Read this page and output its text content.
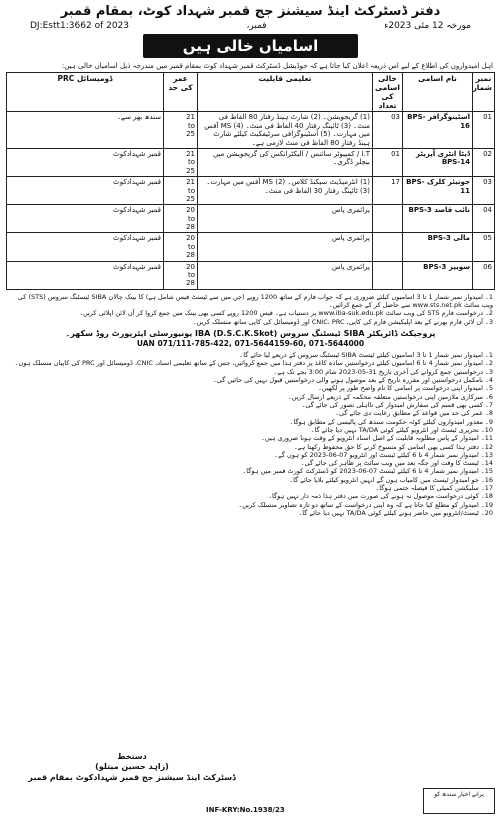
دفتر ڈسٹرکٹ اینڈ سیشنز جج قمبر شہداد کوٹ، بمقام قمبر
DJ:Estt1:3662 of 2023	قمبر،	مورخہ 12 مئی 2023ء
اسامیاں خالی ہیں
اہل امیدواروں کی اطلاع کے لیے اس ذریعہ اعلان کیا جاتا ہے کہ جوڈیشل ڈسٹرکٹ قمبر شہداد کوٹ بمقام قمبر میں مندرجہ ذیل اسامیاں خالی ہیں:
نمبر شمار	نام اسامی	خالی اسامی کی تعداد	تعلیمی قابلیت	عمر کی حد	ڈومیسائل PRC
01	اسٹینوگرافر BPS-16	03	(1) گریجویشن۔ (2) شارٹ ہینڈ رفتار 80 الفاظ فی منٹ۔ (3) ٹائپنگ رفتار 40 الفاظ فی منٹ۔ (4) MS آفس میں مہارت۔ (5) اسٹینوگرافی سرٹیفکیٹ کیلئے شارٹ ہینڈ رفتار 80 الفاظ فی منٹ لازمی ہے۔	21
to
25	سندھ بھر سے۔
02	ڈیٹا انٹری آپریٹر BPS-14	01	I.T / کمپیوٹر سائنس / الیکٹرانکس کی گریجویشن میں بیچلر ڈگری۔	21
to
25	قمبر شہدادکوٹ
03	جونیئر کلرک BPS-11	17	(1) انٹرمیڈیٹ سیکنڈ کلاس۔ (2) MS آفس میں مہارت۔ (3) ٹائپنگ رفتار 30 الفاظ فی منٹ۔	21
to
25	قمبر شہدادکوٹ
04	نائب قاصد BPS-3		پرائمری پاس	20
to
28	قمبر شہدادکوٹ
05	مالی BPS-3		پرائمری پاس	20
to
28	قمبر شہدادکوٹ
06	سویپر BPS-3		پرائمری پاس	20
to
28	قمبر شہدادکوٹ

1۔ امیدوار نمبر شمار 1 تا 3 اسامیوں کیلئے ضروری ہے کہ جواب فارم کے ساتھ 1200 روپے (جن میں سے ٹیسٹ فیس شامل ہے) کا بینک چالان SIBA ٹیسٹنگ سروس (STS) کی ویب سائٹ www.sts.net.pk سے حاصل کر کے جمع کرائیں۔

2۔ درخواست فارم STS کی ویب سائٹ www.iba-suk.edu.pk پر دستیاب ہے۔ فیس 1200 روپے کسی بھی بینک میں جمع کروا کر آن لائن اپلائی کریں۔

3۔ آن لائن فارم بھرنے کے بعد اپلیکیشن فارم کی کاپی، CNIC، PRC اور ڈومیسائل کی کاپی ساتھ منسلک کریں۔

پروجیکٹ ڈائریکٹر SIBA ٹیسٹنگ سروس (D.S.C.K.Skot) IBA یونیورسٹی ایئرپورٹ روڈ سکھر۔
UAN 071/111-785-422, 071-5644159-60, 071-5644000

1۔ امیدوار نمبر شمار 1 تا 3 اسامیوں کیلئے ٹیسٹ SIBA ٹیسٹنگ سروس کے ذریعے لیا جائے گا۔

2۔ امیدوار نمبر شمار 4 تا 6 اسامیوں کیلئے درخواستیں سادہ کاغذ پر دفتر ہذا میں جمع کروائیں، جس کے ساتھ تعلیمی اسناد، CNIC، ڈومیسائل اور PRC کی کاپیاں منسلک ہوں۔

3۔ درخواستیں جمع کروانے کی آخری تاریخ 31-05-2023 شام 3:00 بجے تک ہے۔

4۔ نامکمل درخواستیں اور مقررہ تاریخ کے بعد موصول ہونے والی درخواستیں قبول نہیں کی جائیں گی۔

5۔ امیدوار اپنی درخواست پر اسامی کا نام واضح طور پر لکھیں۔

6۔ سرکاری ملازمین اپنی درخواستیں متعلقہ محکمہ کے ذریعے ارسال کریں۔

7۔ کسی بھی قسم کی سفارش امیدوار کی نااہلی تصور کی جائے گی۔

8۔ عمر کی حد میں قواعد کے مطابق رعایت دی جائے گی۔

9۔ معذور امیدواروں کیلئے کوٹہ حکومت سندھ کی پالیسی کے مطابق ہوگا۔

10۔ تحریری ٹیسٹ اور انٹرویو کیلئے کوئی TA/DA نہیں دیا جائے گا۔

11۔ امیدوار کے پاس مطلوبہ قابلیت کے اصل اسناد انٹرویو کے وقت ہونا ضروری ہیں۔

12۔ دفتر ہذا کسی بھی اسامی کو منسوخ کرنے کا حق محفوظ رکھتا ہے۔

13۔ امیدوار نمبر شمار 4 تا 6 کیلئے ٹیسٹ اور انٹرویو 07-06-2023 کو ہوں گے۔

14۔ ٹیسٹ کا وقت اور جگہ بعد میں ویب سائٹ پر ظاہر کی جائے گی۔

15۔ امیدوار نمبر شمار 4 تا 6 کیلئے ٹیسٹ 07-06-2023 کو ڈسٹرکٹ کورٹ قمبر میں ہوگا۔

16۔ جو امیدوار ٹیسٹ میں کامیاب ہوں گے انہیں انٹرویو کیلئے بلایا جائے گا۔

17۔ سلیکشن کمیٹی کا فیصلہ حتمی ہوگا۔

18۔ کوئی درخواست موصول نہ ہونے کی صورت میں دفتر ہذا ذمہ دار نہیں ہوگا۔

19۔ امیدوار کو مطلع کیا جاتا ہے کہ وہ اپنی درخواست کے ساتھ دو تازہ تصاویر منسلک کریں۔

20۔ ٹیسٹ/انٹرویو میں حاضر ہونے کیلئے کوئی TA/DA نہیں دیا جائے گا۔

دستخط
(زاہد حسین میتلو)
ڈسٹرکٹ اینڈ سیشنز جج قمبر شہدادکوٹ بمقام قمبر
INF-KRY:No.1938/23
پرانے اخبار سندھ کو
